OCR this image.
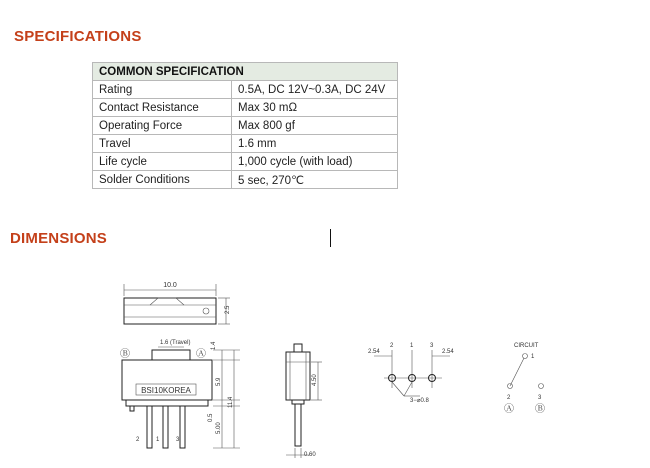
SPECIFICATIONS
COMMON SPECIFICATION	
Rating	0.5A, DC 12V~0.3A, DC 24V
Contact Resistance	Max 30 mΩ
Operating Force	Max 800 gf
Travel	1.6 mm
Life cycle	1,000 cycle (with load)
Solder Conditions	5 sec, 270℃
DIMENSIONS
10.0
2.5
Ⓑ	Ⓐ
1.6 (Travel)
BSI10KOREA
2	1	3
1.4
5.9
11.4
0.5
5.00
4.50
0.60
2	1	3
2.54	2.54
3−⌀0.8
CIRCUIT
1
2	3
Ⓐ Ⓑ
